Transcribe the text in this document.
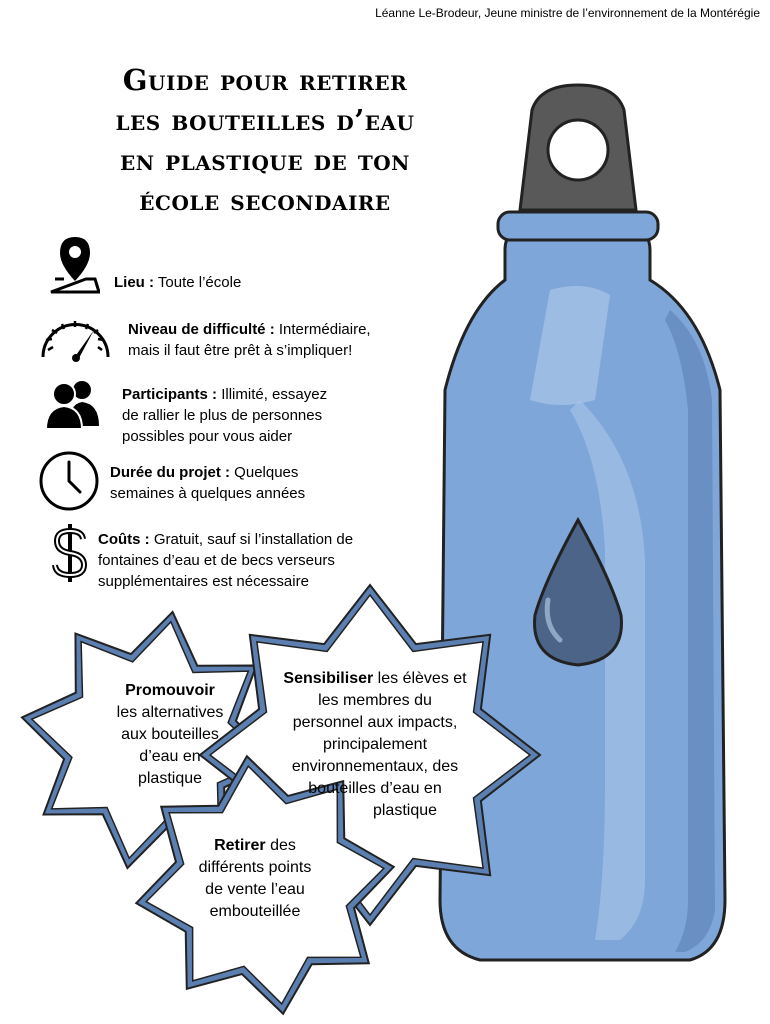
Léanne Le-Brodeur, Jeune ministre de l’environnement de la Montérégie
Guide pour retirer
les bouteilles d’eau
en plastique de ton
école secondaire
Lieu : Toute l’école
Niveau de difficulté : Intermédiaire,
mais il faut être prêt à s’impliquer!
Participants : Illimité, essayez
de rallier le plus de personnes
possibles pour vous aider
Durée du projet : Quelques
semaines à quelques années
Coûts : Gratuit, sauf si l’installation de
fontaines d’eau et de becs verseurs
supplémentaires est nécessaire
Promouvoir
les alternatives
aux bouteilles
d’eau en
plastique
Sensibiliser les élèves et
les membres du
personnel aux impacts,
principalement
environnementaux, des
bouteilles d’eau en
plastique
Retirer des
différents points
de vente l’eau
embouteillée
